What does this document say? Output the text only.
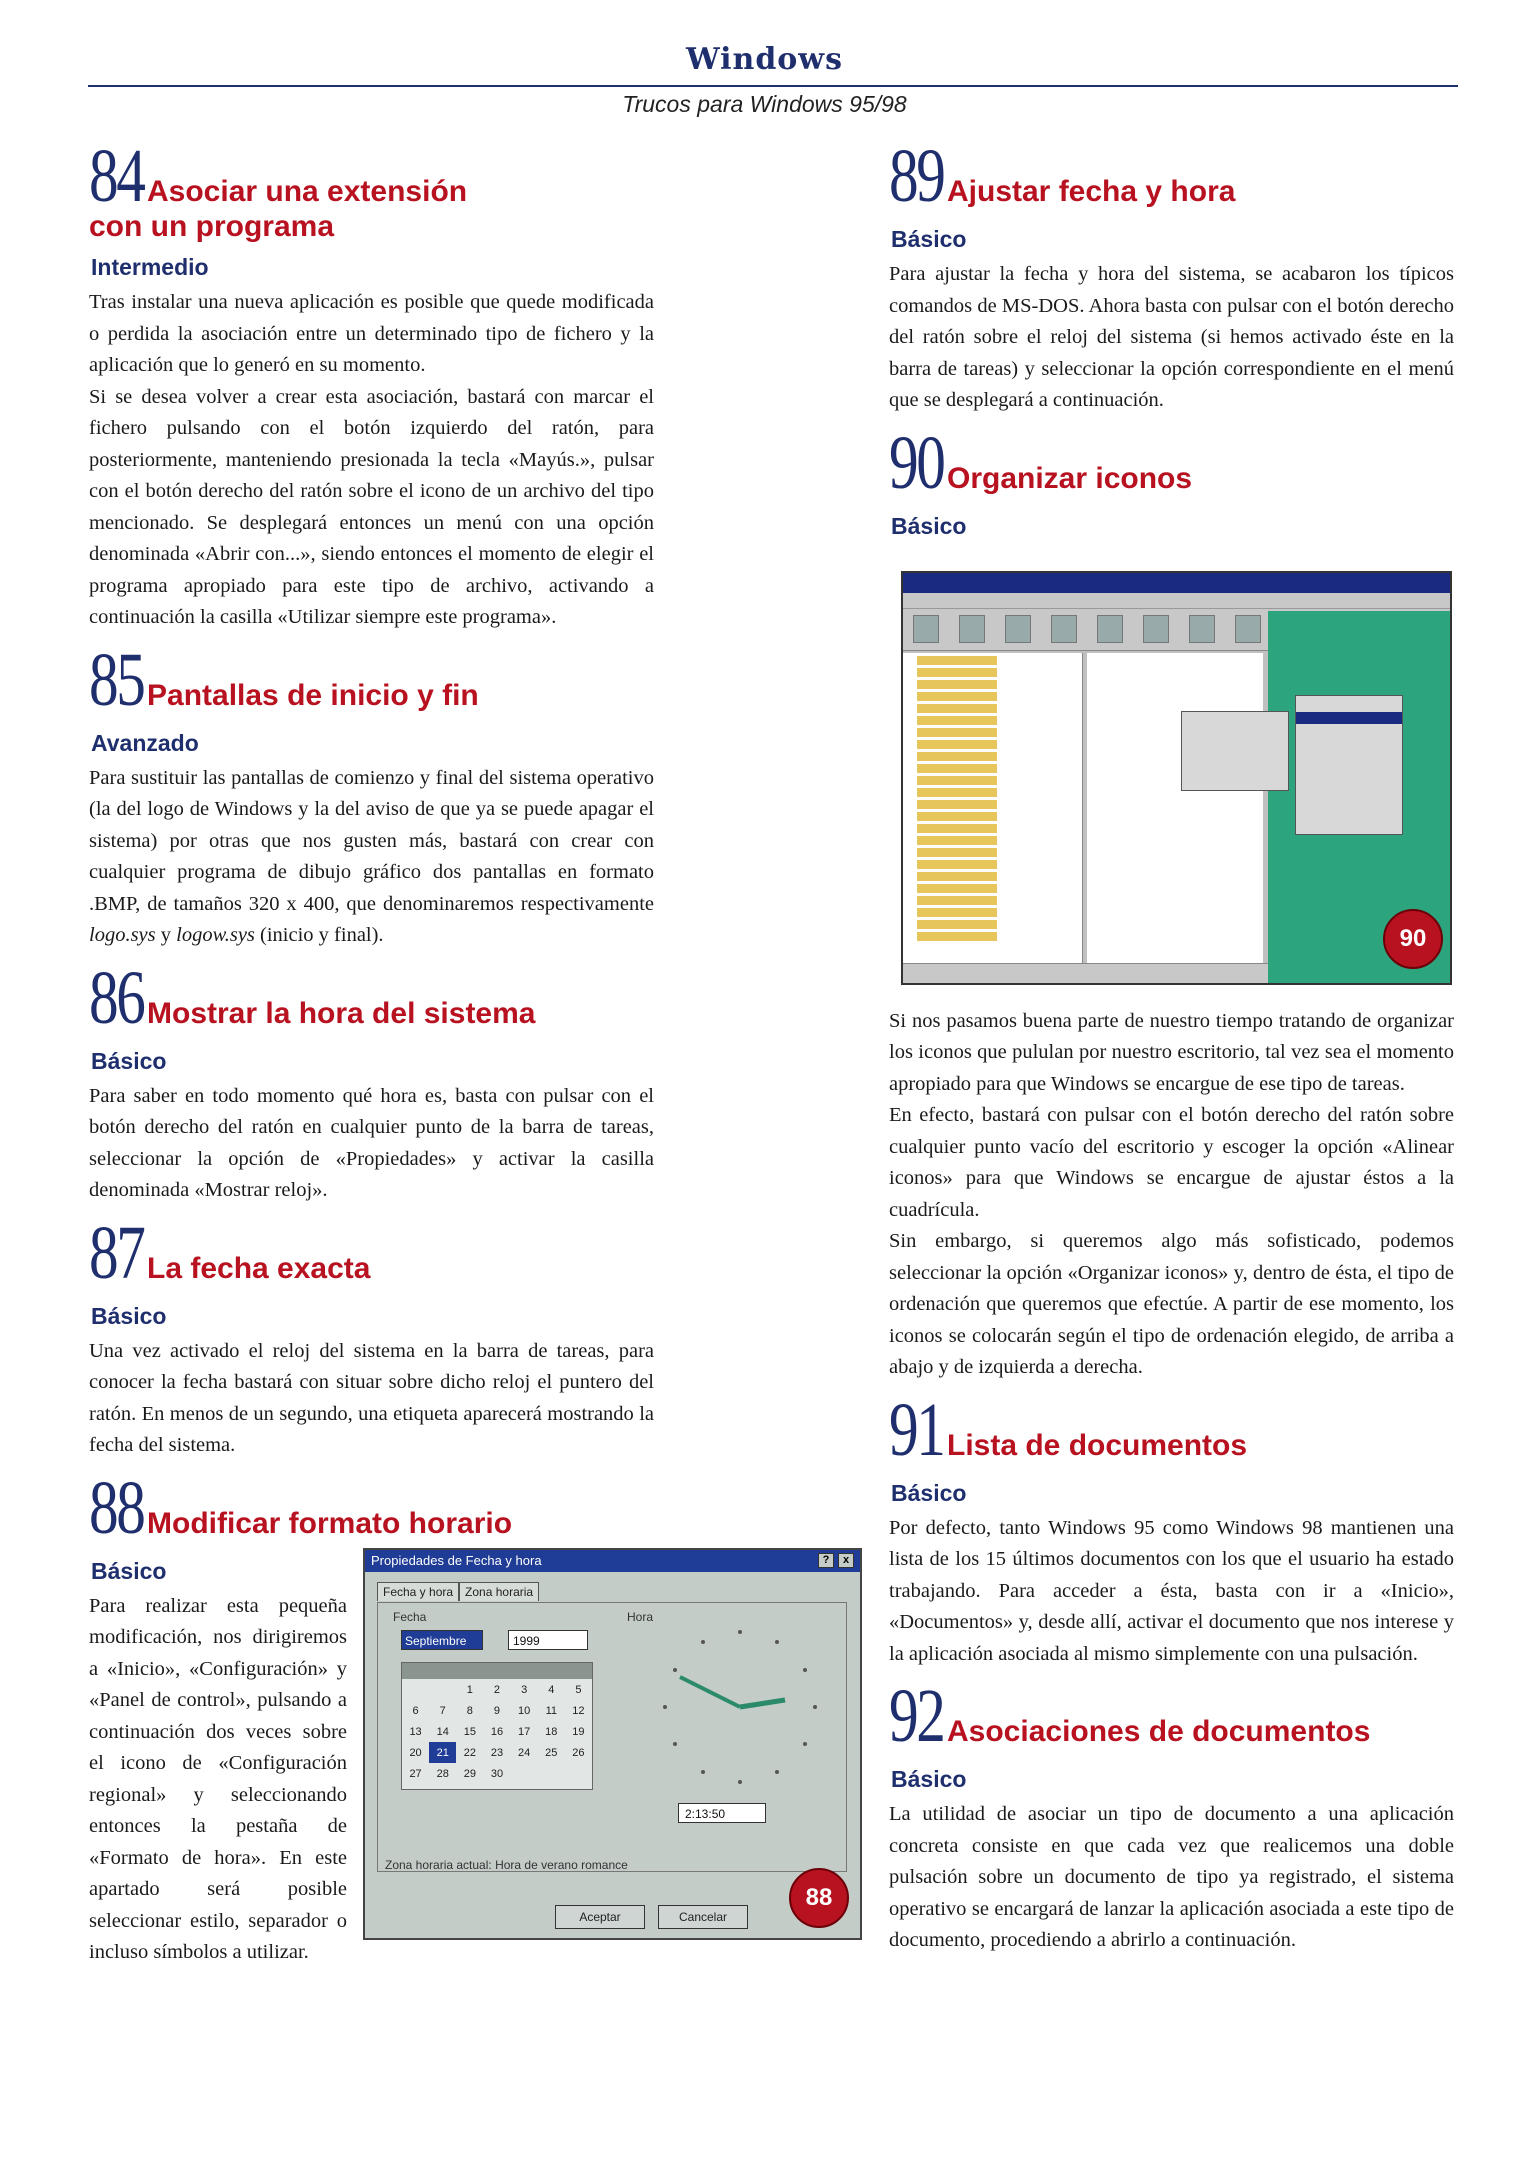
Windows
Trucos para Windows 95/98
84 Asociar una extensión
con un programa
Intermedio

Tras instalar una nueva aplicación es posible que quede modificada o perdida la asociación entre un determinado tipo de fichero y la aplicación que lo generó en su momento.

Si se desea volver a crear esta asociación, bastará con marcar el fichero pulsando con el botón izquierdo del ratón, para posteriormente, manteniendo presionada la tecla «Mayús.», pulsar con el botón derecho del ratón sobre el icono de un archivo del tipo mencionado. Se desplegará entonces un menú con una opción denominada «Abrir con...», siendo entonces el momento de elegir el programa apropiado para este tipo de archivo, activando a continuación la casilla «Utilizar siempre este programa».

85 Pantallas de inicio y fin
Avanzado

Para sustituir las pantallas de comienzo y final del sistema operativo (la del logo de Windows y la del aviso de que ya se puede apagar el sistema) por otras que nos gusten más, bastará con crear con cualquier programa de dibujo gráfico dos pantallas en formato .BMP, de tamaños 320 x 400, que denominaremos respectivamente logo.sys y logow.sys (inicio y final).

86 Mostrar la hora del sistema
Básico

Para saber en todo momento qué hora es, basta con pulsar con el botón derecho del ratón en cualquier punto de la barra de tareas, seleccionar la opción de «Propiedades» y activar la casilla denominada «Mostrar reloj».

87 La fecha exacta
Básico

Una vez activado el reloj del sistema en la barra de tareas, para conocer la fecha bastará con situar sobre dicho reloj el puntero del ratón. En menos de un segundo, una etiqueta aparecerá mostrando la fecha del sistema.

88 Modificar formato horario
Básico

Para realizar esta pequeña modificación, nos dirigiremos a «Inicio», «Configuración» y «Panel de control», pulsando a continuación dos veces sobre el icono de «Configuración regional» y seleccionando entonces la pestaña de «Formato de hora». En este apartado será posible seleccionar estilo, separador o incluso símbolos a utilizar.

Propiedades de Fecha y hora	?	x
Fecha y hora Zona horaria
Fecha	Hora
Septiembre	1999
		1	2	3	4	5
6	7	8	9	10	11	12
13	14	15	16	17	18	19
20	21	22	23	24	25	26
27	28	29	30			
2:13:50
Zona horaria actual: Hora de verano romance
Aceptar	Cancelar
88
89 Ajustar fecha y hora
Básico

Para ajustar la fecha y hora del sistema, se acabaron los típicos comandos de MS-DOS. Ahora basta con pulsar con el botón derecho del ratón sobre el reloj del sistema (si hemos activado éste en la barra de tareas) y seleccionar la opción correspondiente en el menú que se desplegará a continuación.

90 Organizar iconos
Básico

Si nos pasamos buena parte de nuestro tiempo tratando de organizar los iconos que pululan por nuestro escritorio, tal vez sea el momento apropiado para que Windows se encargue de ese tipo de tareas.

En efecto, bastará con pulsar con el botón derecho del ratón sobre cualquier punto vacío del escritorio y escoger la opción «Alinear iconos» para que Windows se encargue de ajustar éstos a la cuadrícula.

Sin embargo, si queremos algo más sofisticado, podemos seleccionar la opción «Organizar iconos» y, dentro de ésta, el tipo de ordenación que queremos que efectúe. A partir de ese momento, los iconos se colocarán según el tipo de ordenación elegido, de arriba a abajo y de izquierda a derecha.

91 Lista de documentos
Básico

Por defecto, tanto Windows 95 como Windows 98 mantienen una lista de los 15 últimos documentos con los que el usuario ha estado trabajando. Para acceder a ésta, basta con ir a «Inicio», «Documentos» y, desde allí, activar el documento que nos interese y la aplicación asociada al mismo simplemente con una pulsación.

92 Asociaciones de documentos
Básico

La utilidad de asociar un tipo de documento a una aplicación concreta consiste en que cada vez que realicemos una doble pulsación sobre un documento de tipo ya registrado, el sistema operativo se encargará de lanzar la aplicación asociada a este tipo de documento, procediendo a abrirlo a continuación.

90
